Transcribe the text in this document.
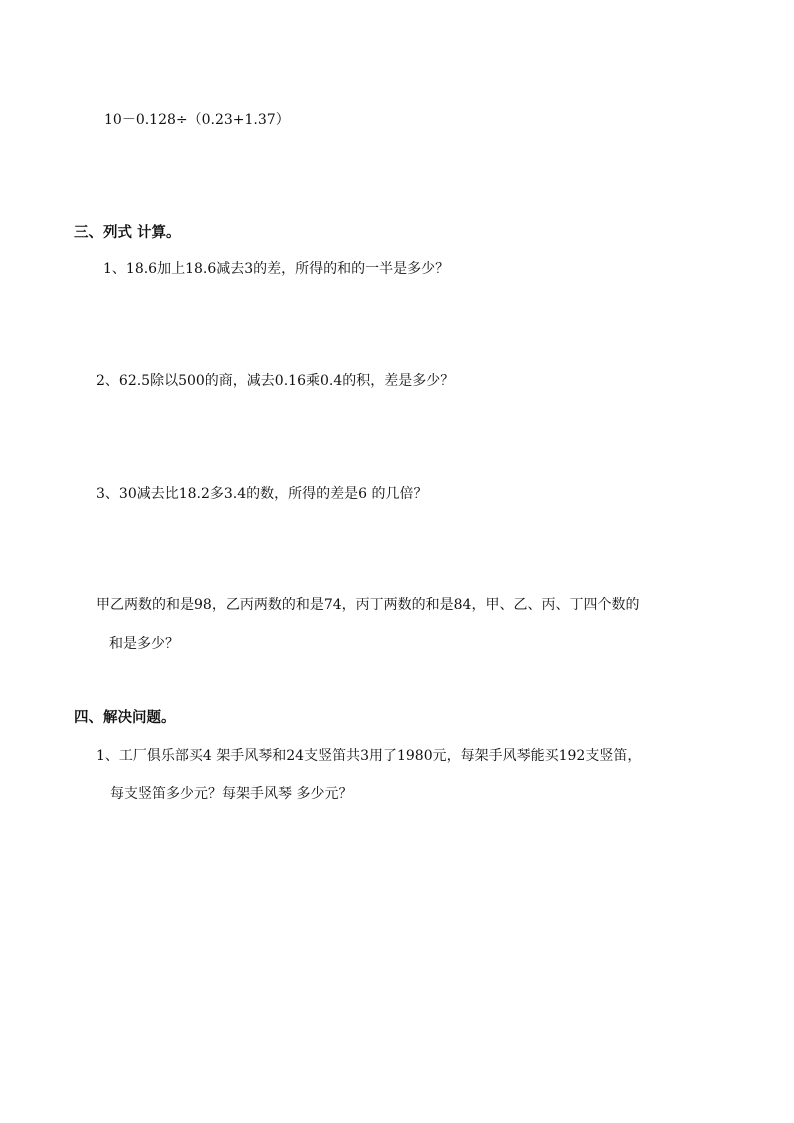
10－0.128÷（0.23+1.37）
三、列式 计算。
1、18.6加上18.6减去3的差，所得的和的一半是多少？
2、62.5除以500的商，减去0.16乘0.4的积，差是多少？
3、30减去比18.2多3.4的数，所得的差是6 的几倍？
甲乙两数的和是98，乙丙两数的和是74，丙丁两数的和是84，甲、乙、丙、丁四个数的
和是多少？
四、解决问题。
1、工厂俱乐部买4 架手风琴和24支竖笛共3用了1980元，每架手风琴能买192支竖笛，
每支竖笛多少元？每架手风琴 多少元？
